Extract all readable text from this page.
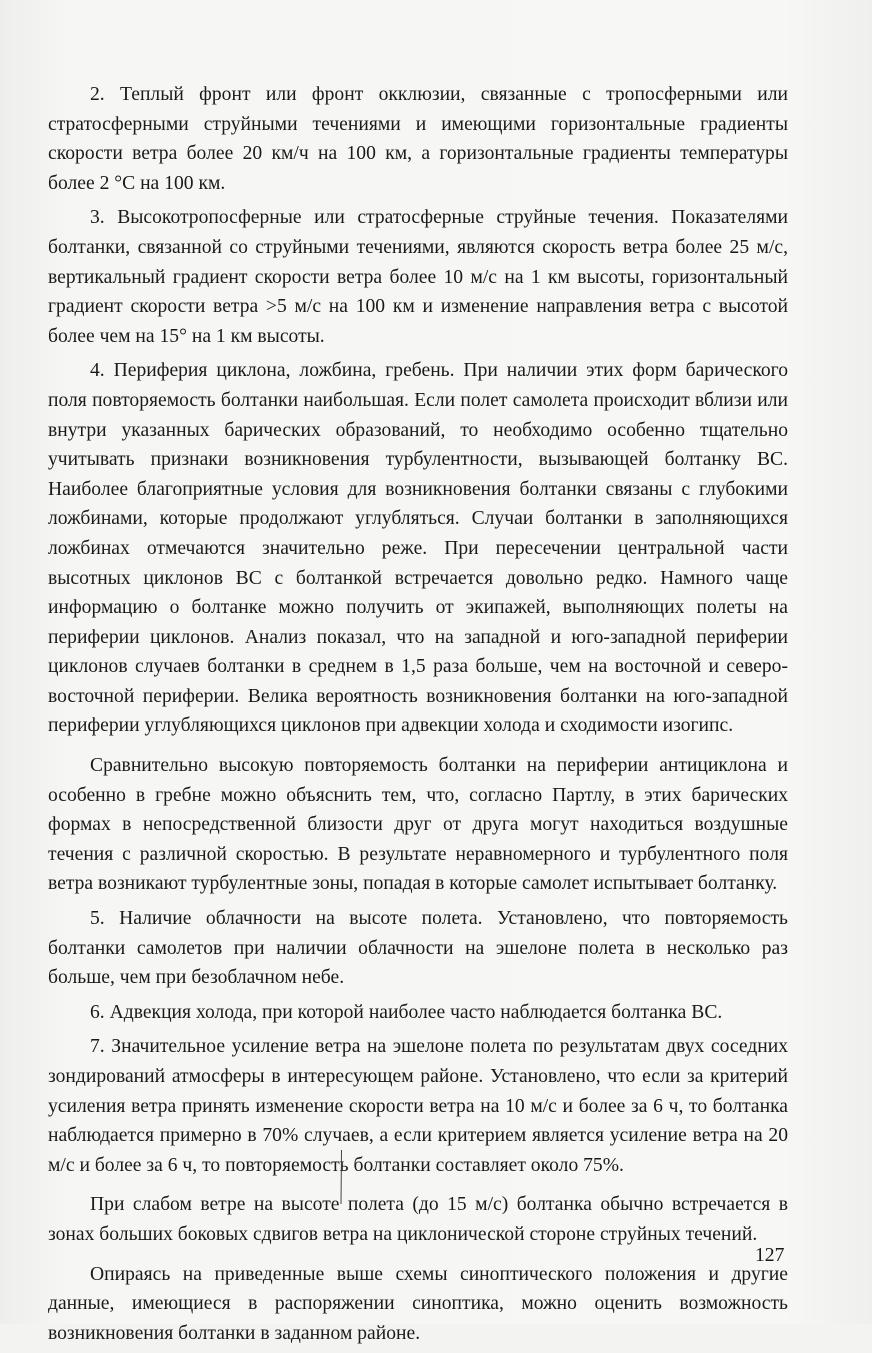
2. Теплый фронт или фронт окклюзии, связанные с тропосферными или стратосферными струйными течениями и имеющими горизонтальные градиенты скорости ветра более 20 км/ч на 100 км, а горизонтальные градиенты температуры более 2 °С на 100 км.

3. Высокотропосферные или стратосферные струйные течения. Показателями болтанки, связанной со струйными течениями, являются скорость ветра более 25 м/с, вертикальный градиент скорости ветра более 10 м/с на 1 км высоты, горизонтальный градиент скорости ветра >5 м/с на 100 км и изменение направления ветра с высотой более чем на 15° на 1 км высоты.

4. Периферия циклона, ложбина, гребень. При наличии этих форм барического поля повторяемость болтанки наибольшая. Если полет самолета происходит вблизи или внутри указанных барических образований, то необходимо особенно тщательно учитывать признаки возникновения турбулентности, вызывающей болтанку ВС. Наиболее благоприятные условия для возникновения болтанки связаны с глубокими ложбинами, которые продолжают углубляться. Случаи болтанки в заполняющихся ложбинах отмечаются значительно реже. При пересечении центральной части высотных циклонов ВС с болтанкой встречается довольно редко. Намного чаще информацию о болтанке можно получить от экипажей, выполняющих полеты на периферии циклонов. Анализ показал, что на западной и юго-западной периферии циклонов случаев болтанки в среднем в 1,5 раза больше, чем на восточной и северо-восточной периферии. Велика вероятность возникновения болтанки на юго-западной периферии углубляющихся циклонов при адвекции холода и сходимости изогипс.

Сравнительно высокую повторяемость болтанки на периферии антициклона и особенно в гребне можно объяснить тем, что, согласно Партлу, в этих барических формах в непосредственной близости друг от друга могут находиться воздушные течения с различной скоростью. В результате неравномерного и турбулентного поля ветра возникают турбулентные зоны, попадая в которые самолет испытывает болтанку.

5. Наличие облачности на высоте полета. Установлено, что повторяемость болтанки самолетов при наличии облачности на эшелоне полета в несколько раз больше, чем при безоблачном небе.

6. Адвекция холода, при которой наиболее часто наблюдается болтанка ВС.

7. Значительное усиление ветра на эшелоне полета по результатам двух соседних зондирований атмосферы в интересующем районе. Установлено, что если за критерий усиления ветра принять изменение скорости ветра на 10 м/с и более за 6 ч, то болтанка наблюдается примерно в 70% случаев, а если критерием является усиление ветра на 20 м/с и более за 6 ч, то повторяемость болтанки составляет около 75%.

При слабом ветре на высоте полета (до 15 м/с) болтанка обычно встречается в зонах больших боковых сдвигов ветра на циклонической стороне струйных течений.

Опираясь на приведенные выше схемы синоптического положения и другие данные, имеющиеся в распоряжении синоптика, можно оценить возможность возникновения болтанки в заданном районе.

127
